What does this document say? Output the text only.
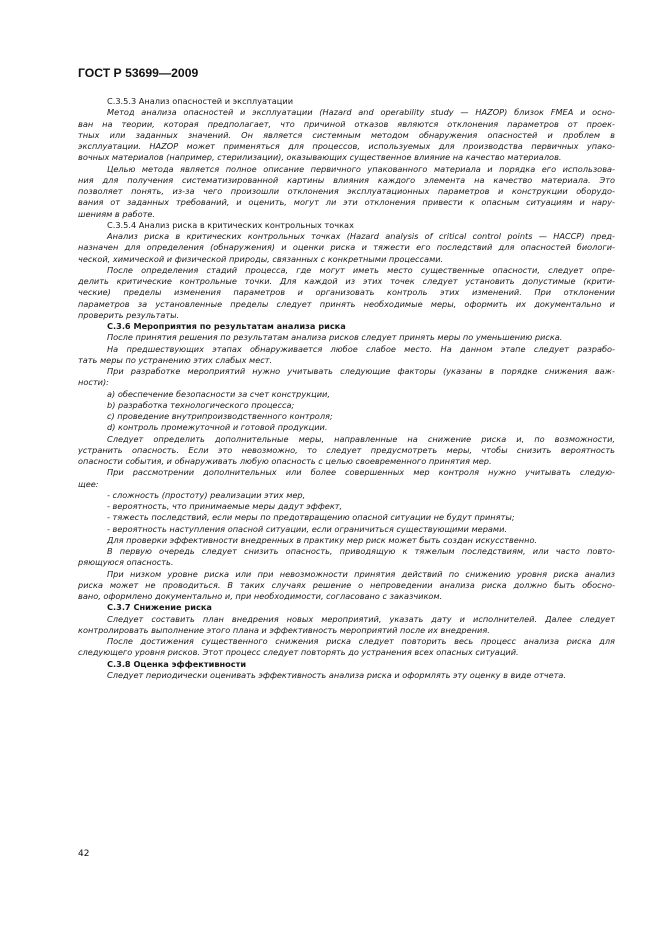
ГОСТ Р 53699—2009
С.3.5.3 Анализ опасностей и эксплуатации
Метод анализа опасностей и эксплуатации (Hazard and operability study — HAZOP) близок FMEA и осно-
ван на теории, которая предполагает, что причиной отказов являются отклонения параметров от проек-
тных или заданных значений. Он является системным методом обнаружения опасностей и проблем в
эксплуатации. HAZOP может применяться для процессов, используемых для производства первичных упако-
вочных материалов (например, стерилизации), оказывающих существенное влияние на качество материалов.
Целью метода является полное описание первичного упакованного материала и порядка его использова-
ния для получения систематизированной картины влияния каждого элемента на качество материала. Это
позволяет понять, из-за чего произошли отклонения эксплуатационных параметров и конструкции оборудо-
вания от заданных требований, и оценить, могут ли эти отклонения привести к опасным ситуациям и нару-
шениям в работе.
С.3.5.4 Анализ риска в критических контрольных точках
Анализ риска в критических контрольных точках (Hazard analysis of critical control points — HACCP) пред-
назначен для определения (обнаружения) и оценки риска и тяжести его последствий для опасностей биологи-
ческой, химической и физической природы, связанных с конкретными процессами.
После определения стадий процесса, где могут иметь место существенные опасности, следует опре-
делить критические контрольные точки. Для каждой из этих точек следует установить допустимые (крити-
ческие) пределы изменения параметров и организовать контроль этих изменений. При отклонении
параметров за установленные пределы следует принять необходимые меры, оформить их документально и
проверить результаты.
С.3.6 Мероприятия по результатам анализа риска
После принятия решения по результатам анализа рисков следует принять меры по уменьшению риска.
На предшествующих этапах обнаруживается любое слабое место. На данном этапе следует разрабо-
тать меры по устранению этих слабых мест.
При разработке мероприятий нужно учитывать следующие факторы (указаны в порядке снижения важ-
ности):
a) обеспечение безопасности за счет конструкции,
b) разработка технологического процесса;
c) проведение внутрипроизводственного контроля;
d) контроль промежуточной и готовой продукции.
Следует определить дополнительные меры, направленные на снижение риска и, по возможности,
устранить опасность. Если это невозможно, то следует предусмотреть меры, чтобы снизить вероятность
опасности события, и обнаруживать любую опасность с целью своевременного принятия мер.
При рассмотрении дополнительных или более совершенных мер контроля нужно учитывать следую-
щее:
- сложность (простоту) реализации этих мер,
- вероятность, что принимаемые меры дадут эффект,
- тяжесть последствий, если меры по предотвращению опасной ситуации не будут приняты;
- вероятность наступления опасной ситуации, если ограничиться существующими мерами.
Для проверки эффективности внедренных в практику мер риск может быть создан искусственно.
В первую очередь следует снизить опасность, приводящую к тяжелым последствиям, или часто повто-
ряющуюся опасность.
При низком уровне риска или при невозможности принятия действий по снижению уровня риска анализ
риска может не проводиться. В таких случаях решение о непроведении анализа риска должно быть обосно-
вано, оформлено документально и, при необходимости, согласовано с заказчиком.
С.3.7 Снижение риска
Следует составить план внедрения новых мероприятий, указать дату и исполнителей. Далее следует
контролировать выполнение этого плана и эффективность мероприятий после их внедрения.
После достижения существенного снижения риска следует повторить весь процесс анализа риска для
следующего уровня рисков. Этот процесс следует повторять до устранения всех опасных ситуаций.
С.3.8 Оценка эффективности
Следует периодически оценивать эффективность анализа риска и оформлять эту оценку в виде отчета.
42
